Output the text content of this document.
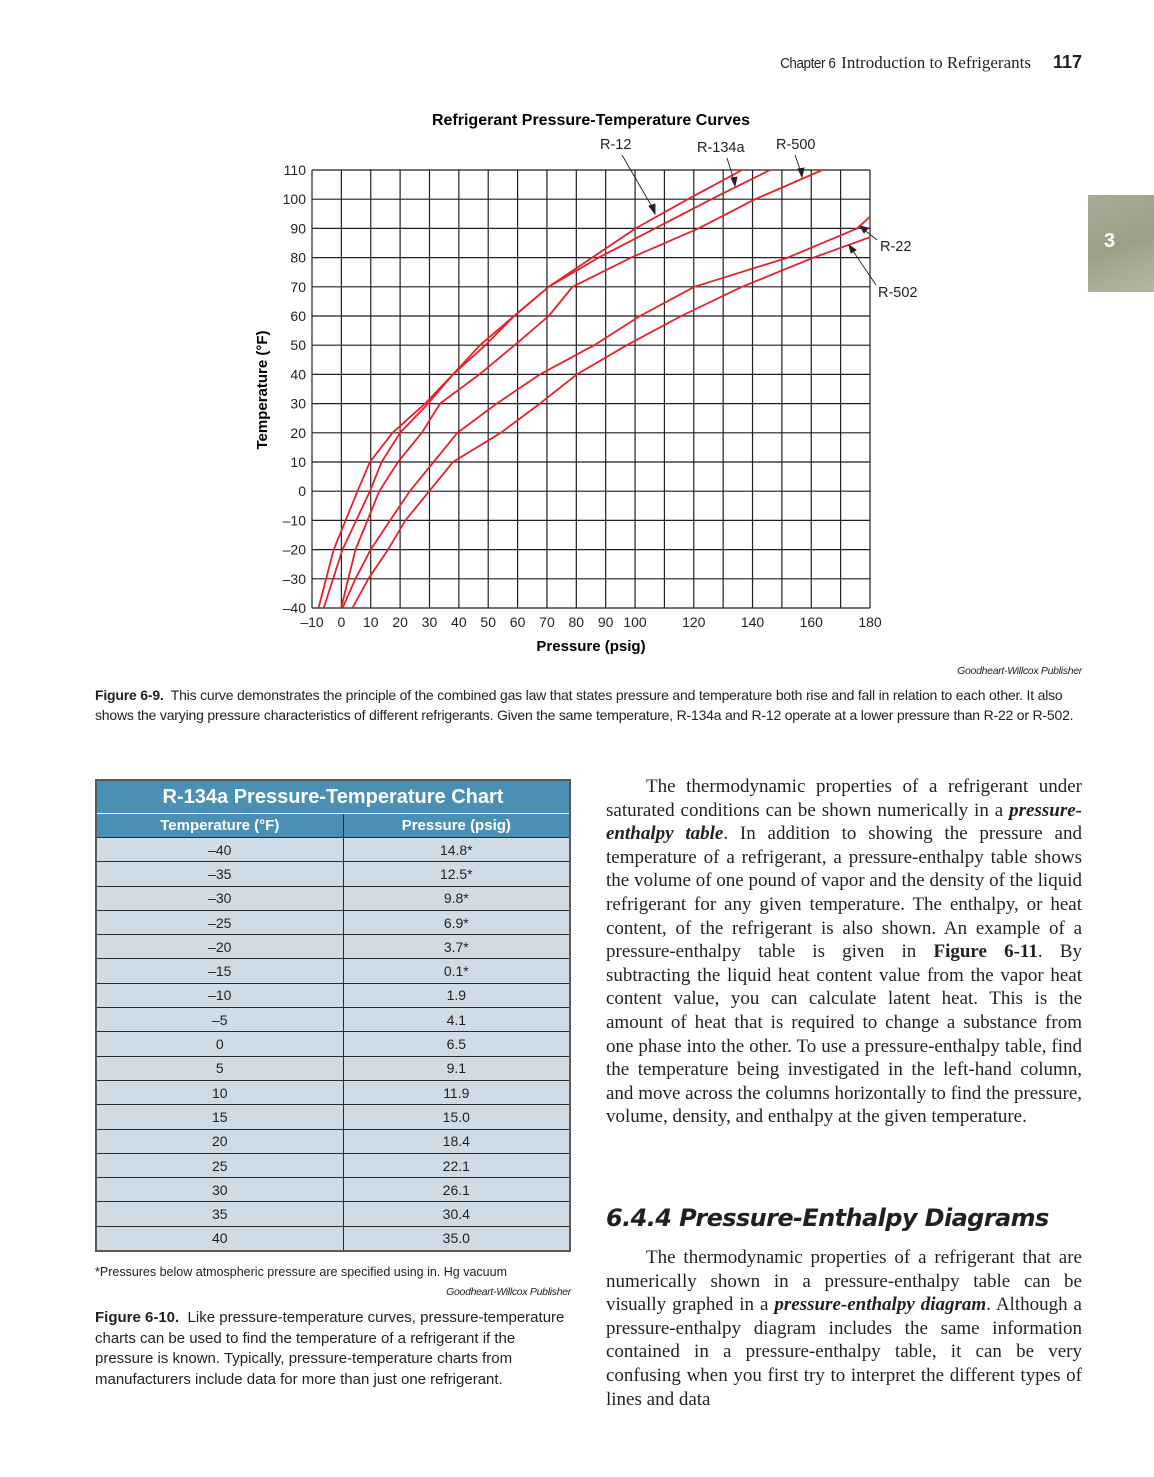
Chapter 6 Introduction to Refrigerants 117
3
Refrigerant Pressure-Temperature Curves
110
100
90
80
70
60
50
40
30
20
10
0
–10
–20
–30
–40
–10 0 10 20 30 40 50 60 70 80 90 100	120	140	160	180
Pressure (psig)
Temperature (°F)
R-12	R-134a R-500
R-22
R-502
Goodheart-Willcox Publisher
Figure 6-9. This curve demonstrates the principle of the combined gas law that states pressure and temperature both rise and fall in relation to each other. It also shows the varying pressure characteristics of different refrigerants. Given the same temperature, R-134a and R-12 operate at a lower pressure than R-22 or R-502.
R-134a Pressure-Temperature Chart	
Temperature (°F)	Pressure (psig)
–40	14.8*
–35	12.5*
–30	9.8*
–25	6.9*
–20	3.7*
–15	0.1*
–10	1.9
–5	4.1
0	6.5
5	9.1
10	11.9
15	15.0
20	18.4
25	22.1
30	26.1
35	30.4
40	35.0
*Pressures below atmospheric pressure are specified using in. Hg vacuum
Goodheart-Willcox Publisher
Figure 6-10. Like pressure-temperature curves, pressure-temperature charts can be used to find the temperature of a refrigerant if the pressure is known. Typically, pressure-temperature charts from manufacturers include data for more than just one refrigerant.

The thermodynamic properties of a refrigerant under saturated conditions can be shown numerically in a pressure-enthalpy table. In addition to showing the pressure and temperature of a refrigerant, a pressure-enthalpy table shows the volume of one pound of vapor and the density of the liquid refrigerant for any given temperature. The enthalpy, or heat content, of the refrigerant is also shown. An example of a pressure-enthalpy table is given in Figure 6-11. By subtracting the liquid heat content value from the vapor heat content value, you can calculate latent heat. This is the amount of heat that is required to change a substance from one phase into the other. To use a pressure-enthalpy table, find the temperature being investigated in the left-hand column, and move across the columns horizontally to find the pressure, volume, density, and enthalpy at the given temperature.

6.4.4 Pressure-Enthalpy Diagrams

The thermodynamic properties of a refrigerant that are numerically shown in a pressure-enthalpy table can be visually graphed in a pressure-enthalpy diagram. Although a pressure-enthalpy diagram includes the same information contained in a pressure-enthalpy table, it can be very confusing when you first try to interpret the different types of lines and data
